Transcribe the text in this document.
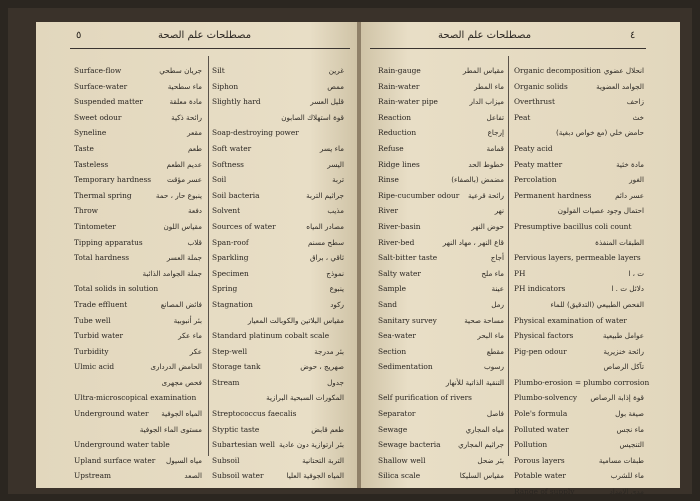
٥	مصطلحات علم الصحة	مصطلحات علم الصحة	٤
Surface-flow	جريان سطحي
Surface-water	ماء سطحية
Suspended matter	مادة معلقة
Sweet odour	رائحة ذكية
Syneline	مقعر
Taste	طعم
Tasteless	عديم الطعم
Temporary hardness عسر مؤقت
Thermal spring	ينبوع حار ، حمة
Throw	دفعة
Tintometer	مقياس اللون
Tipping apparatus	قلاب
Total hardness	جملة العسر
جملة الجوامد الذائبة
Total solids in solution
Trade effluent	فائض المصانع
Tube well	بئر أنبوبية
Turbid water	ماء عكر
Turbidity	عكر
Ulmic acid	الحامض الدردارى
فحص مجهرى
Ultra-microscopical examination
Underground water المياه الجوفية
مستوى الماء الجوفية
Underground water table
Upland surface water مياه السيول
Upstream	الصعد
Silt	غرين
Siphon	ممص
Slightly hard	قليل العسر
قوة استهلاك الصابون
Soap-destroying power
Soft water	ماء يسر
Softness	اليسر
Soil	تربة
Soil bacteria	جراثيم التربة
Solvent	مذيب
Sources of water	مصادر المياه
Span-roof	سطح مسنم
Sparkling	ثاقي ، براق
Specimen	نموذج
Spring	ينبوع
Stagnation	ركود
مقياس البلاتين والكوبالت المعيار
Standard platinum cobalt scale
Step-well	بئر مدرجة
Storage tank	صهريج ، حوض
Stream	جدول
المكورات السبحية البرازية
Streptococcus faecalis
Styptic taste	طعم قابض
Subartesian well بئر ارتوازية دون عادية
Subsoil	التربة التحتانية
Subsoil water	المياه الجوفية العليا
Rain-gauge	مقياس المطر
Rain-water	ماء المطر
Rain-water pipe	ميزاب الدار
Reaction	تفاعل
Reduction	إرجاع
Refuse	قمامة
Ridge lines	خطوط الحد
Rinse	مضمض (بالصفاء)
Ripe-cucumber odour رائحة قرعية
River	نهر
River-basin	حوض النهر
River-bed	قاع النهر ، مهاد النهر
Salt-bitter taste	أجاج
Salty water	ماء ملح
Sample	عينة
Sand	رمل
Sanitary survey	مساحة صحية
Sea-water	ماء البحر
Section	مقطع
Sedimentation	رسوب
التنقية الذاتية للأنهار
Self purification of rivers
Separator	فاصل
Sewage	مياه المجاري
Sewage bacteria جراثيم المجاري
Shallow well	بئر ضحل
Silica scale	مقياس السليكا
Organic decomposition انحلال عضوي
Organic solids	الجوامد العضوية
Overthrust	زاحف
Peat	خث
حامض خلي (مع خواص دبغية)
Peaty acid
Peaty matter	مادة خثية
Percolation	الغور
Permanent hardness	عسر دائم
احتمال وجود عصيات القولون
Presumptive bacillus coli count
الطبقات المنفذة
Pervious layers, permeable layers
PH	ت ، ا
PH indicators	دلائل ت . ا
الفحص الطبيعي (التدقيق) للماء
Physical examination of water
Physical factors	عوامل طبيعية
Pig-pen odour	رائحة خنزيرية
تآكل الرصاص
Plumbo-erosion = plumbo corrosion
Plumbo-solvency قوة إذابة الرصاص
Pole's formula	صيغة بول
Polluted water	ماء نجس
Pollution	التنجيس
Porous layers	طبقات مسامية
Potable water	ماء للشرب
Range of supply	مدى الإمداد
